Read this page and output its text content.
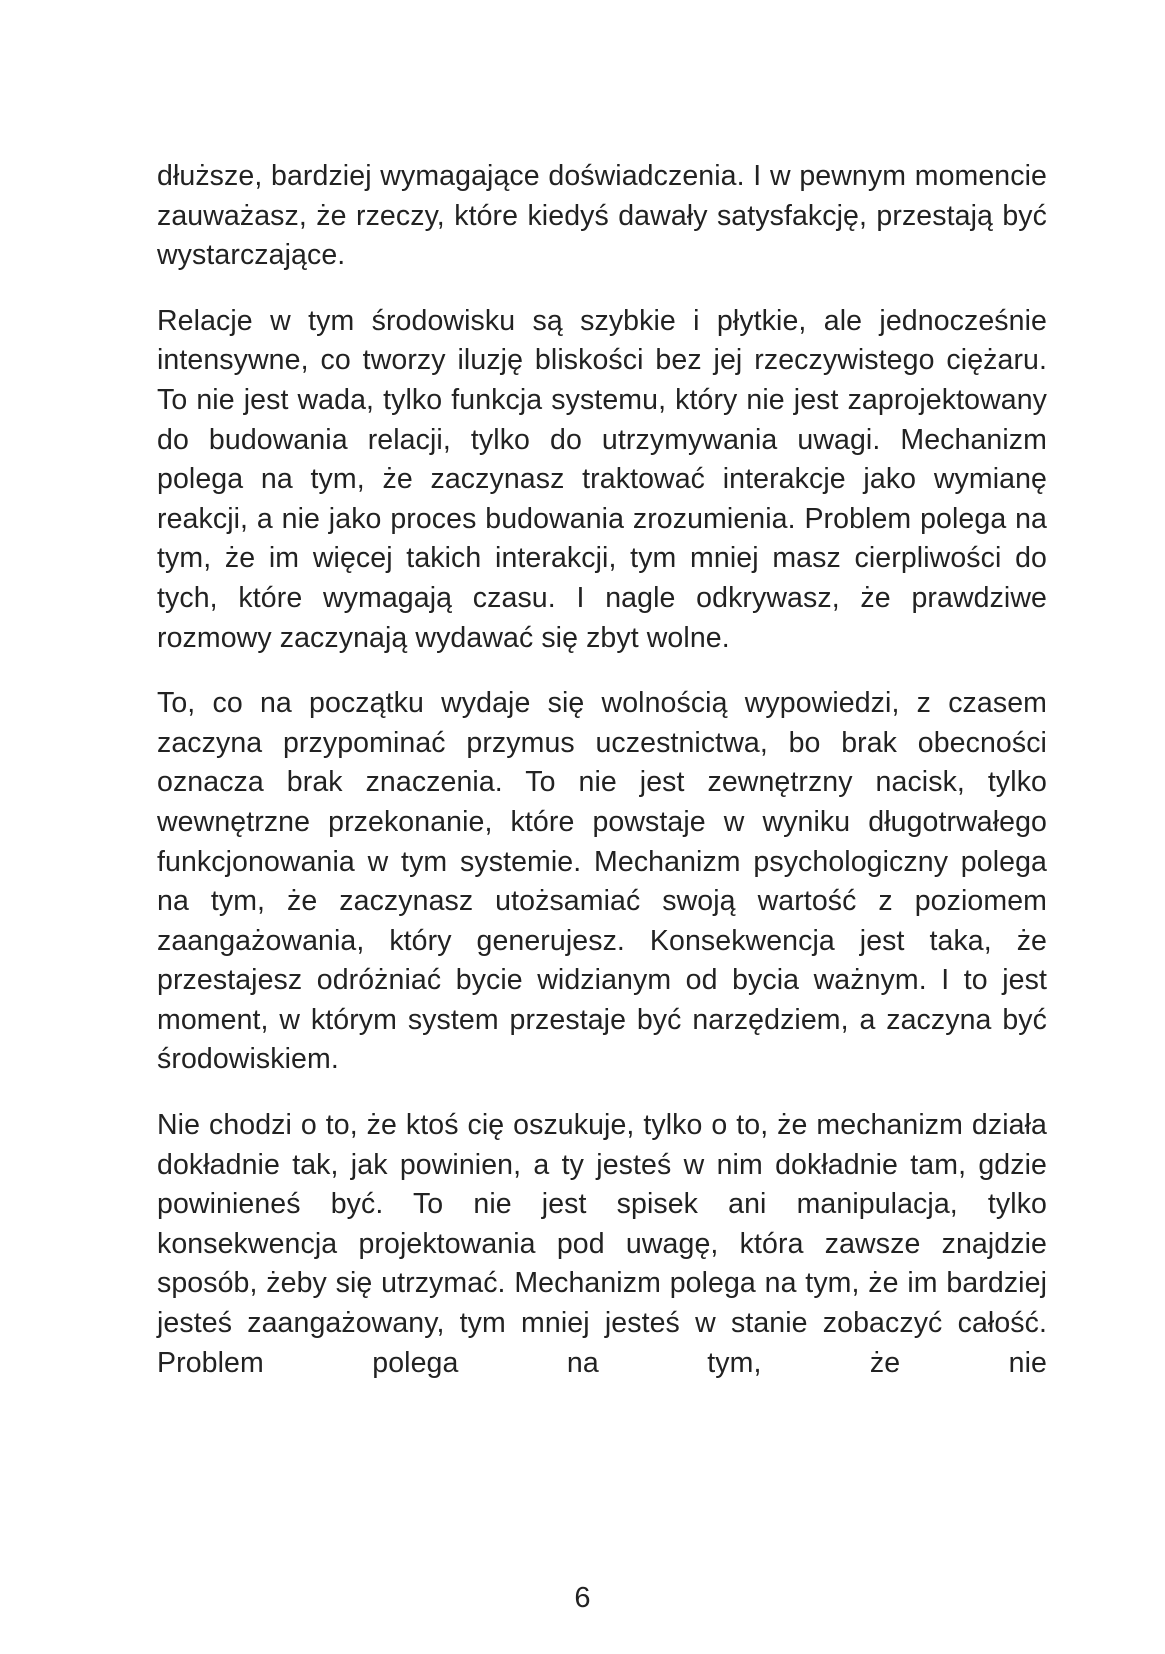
dłuższe, bardziej wymagające doświadczenia. I w pewnym momencie zauważasz, że rzeczy, które kiedyś dawały satysfakcję, przestają być wystarczające.

Relacje w tym środowisku są szybkie i płytkie, ale jednocześnie intensywne, co tworzy iluzję bliskości bez jej rzeczywistego ciężaru. To nie jest wada, tylko funkcja systemu, który nie jest zaprojektowany do budowania relacji, tylko do utrzymywania uwagi. Mechanizm polega na tym, że zaczynasz traktować interakcje jako wymianę reakcji, a nie jako proces budowania zrozumienia. Problem polega na tym, że im więcej takich interakcji, tym mniej masz cierpliwości do tych, które wymagają czasu. I nagle odkrywasz, że prawdziwe rozmowy zaczynają wydawać się zbyt wolne.

To, co na początku wydaje się wolnością wypowiedzi, z czasem zaczyna przypominać przymus uczestnictwa, bo brak obecności oznacza brak znaczenia. To nie jest zewnętrzny nacisk, tylko wewnętrzne przekonanie, które powstaje w wyniku długotrwałego funkcjonowania w tym systemie. Mechanizm psychologiczny polega na tym, że zaczynasz utożsamiać swoją wartość z poziomem zaangażowania, który generujesz. Konsekwencja jest taka, że przestajesz odróżniać bycie widzianym od bycia ważnym. I to jest moment, w którym system przestaje być narzędziem, a zaczyna być środowiskiem.

Nie chodzi o to, że ktoś cię oszukuje, tylko o to, że mechanizm działa dokładnie tak, jak powinien, a ty jesteś w nim dokładnie tam, gdzie powinieneś być. To nie jest spisek ani manipulacja, tylko konsekwencja projektowania pod uwagę, która zawsze znajdzie sposób, żeby się utrzymać. Mechanizm polega na tym, że im bardziej jesteś zaangażowany, tym mniej jesteś w stanie zobaczyć całość. Problem polega na tym, że nie

6
